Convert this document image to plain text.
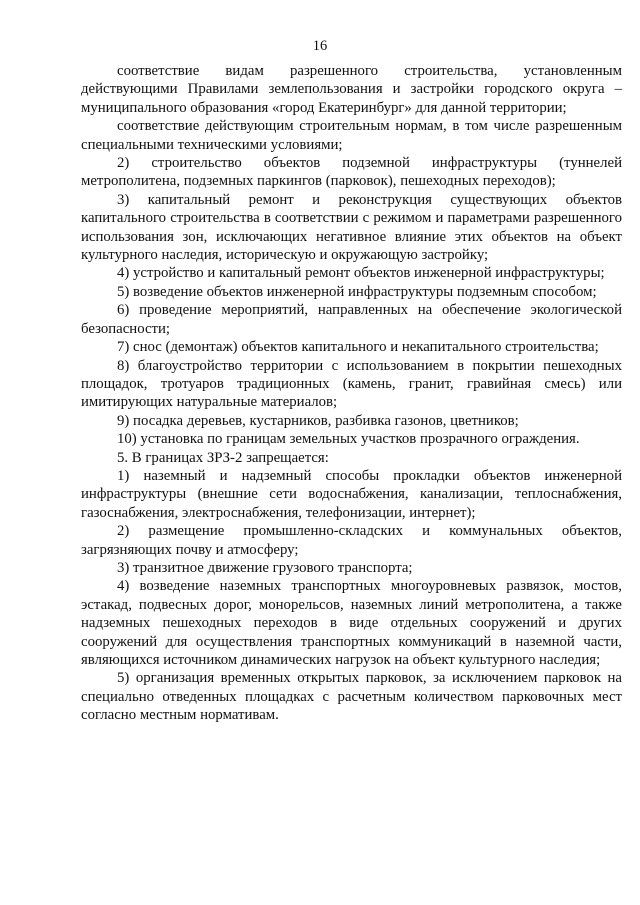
16

соответствие видам разрешенного строительства, установленным действующими Правилами землепользования и застройки городского округа – муниципального образования «город Екатеринбург» для данной территории;

соответствие действующим строительным нормам, в том числе разрешенным специальными техническими условиями;

2) строительство объектов подземной инфраструктуры (туннелей метрополитена, подземных паркингов (парковок), пешеходных переходов);

3) капитальный ремонт и реконструкция существующих объектов капитального строительства в соответствии с режимом и параметрами разрешенного использования зон, исключающих негативное влияние этих объектов на объект культурного наследия, историческую и окружающую застройку;

4) устройство и капитальный ремонт объектов инженерной инфраструктуры;

5) возведение объектов инженерной инфраструктуры подземным способом;

6) проведение мероприятий, направленных на обеспечение экологической безопасности;

7) снос (демонтаж) объектов капитального и некапитального строительства;

8) благоустройство территории с использованием в покрытии пешеходных площадок, тротуаров традиционных (камень, гранит, гравийная смесь) или имитирующих натуральные материалов;

9) посадка деревьев, кустарников, разбивка газонов, цветников;

10) установка по границам земельных участков прозрачного ограждения.

5. В границах ЗРЗ-2 запрещается:

1) наземный и надземный способы прокладки объектов инженерной инфраструктуры (внешние сети водоснабжения, канализации, теплоснабжения, газоснабжения, электроснабжения, телефонизации, интернет);

2) размещение промышленно-складских и коммунальных объектов, загрязняющих почву и атмосферу;

3) транзитное движение грузового транспорта;

4) возведение наземных транспортных многоуровневых развязок, мостов, эстакад, подвесных дорог, монорельсов, наземных линий метрополитена, а также надземных пешеходных переходов в виде отдельных сооружений и других сооружений для осуществления транспортных коммуникаций в наземной части, являющихся источником динамических нагрузок на объект культурного наследия;

5) организация временных открытых парковок, за исключением парковок на специально отведенных площадках с расчетным количеством парковочных мест согласно местным нормативам.
